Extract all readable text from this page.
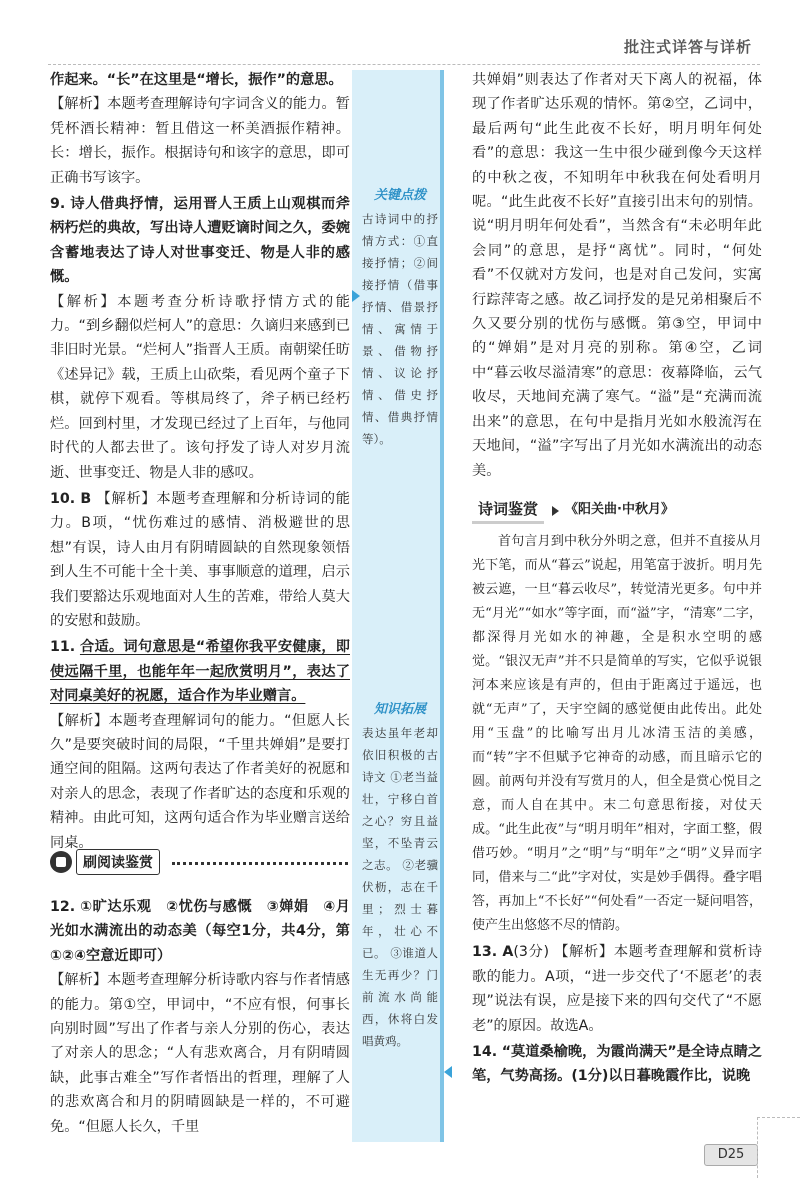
批注式详答与详析
关键点拨
古诗词中的抒情方式：①直接抒情；②间接抒情（借事抒情、借景抒情、寓情于景、借物抒情、议论抒情、借史抒情、借典抒情等）。
知识拓展
表达虽年老却依旧积极的古诗文 ①老当益壮，宁移白首之心？穷且益坚，不坠青云之志。 ②老骥伏枥，志在千里；烈士暮年，壮心不已。 ③谁道人生无再少？门前流水尚能西，休将白发唱黄鸡。

作起来。“长”在这里是“增长，振作”的意思。

【解析】本题考查理解诗句字词含义的能力。暂凭杯酒长精神：暂且借这一杯美酒振作精神。长：增长，振作。根据诗句和该字的意思，即可正确书写该字。

9. 诗人借典抒情，运用晋人王质上山观棋而斧柄朽烂的典故，写出诗人遭贬谪时间之久，委婉含蓄地表达了诗人对世事变迁、物是人非的感慨。

【解析】本题考查分析诗歌抒情方式的能力。“到乡翻似烂柯人”的意思：久谪归来感到已非旧时光景。“烂柯人”指晋人王质。南朝梁任昉《述异记》载，王质上山砍柴，看见两个童子下棋，就停下观看。等棋局终了，斧子柄已经朽烂。回到村里，才发现已经过了上百年，与他同时代的人都去世了。该句抒发了诗人对岁月流逝、世事变迁、物是人非的感叹。

10. B 【解析】本题考查理解和分析诗词的能力。B项，“忧伤难过的感情、消极避世的思想”有误，诗人由月有阴晴圆缺的自然现象领悟到人生不可能十全十美、事事顺意的道理，启示我们要豁达乐观地面对人生的苦难，带给人莫大的安慰和鼓励。

11. 合适。词句意思是“希望你我平安健康，即使远隔千里，也能年年一起欣赏明月”，表达了对同桌美好的祝愿，适合作为毕业赠言。

【解析】本题考查理解词句的能力。“但愿人长久”是要突破时间的局限，“千里共婵娟”是要打通空间的阻隔。这两句表达了作者美好的祝愿和对亲人的思念，表现了作者旷达的态度和乐观的精神。由此可知，这两句适合作为毕业赠言送给同桌。

12. ①旷达乐观　②忧伤与感慨　③婵娟　④月光如水满流出的动态美（每空1分，共4分，第①②④空意近即可）

【解析】本题考查理解分析诗歌内容与作者情感的能力。第①空，甲词中，“不应有恨，何事长向别时圆”写出了作者与亲人分别的伤心，表达了对亲人的思念；“人有悲欢离合，月有阴晴圆缺，此事古难全”写作者悟出的哲理，理解了人的悲欢离合和月的阴晴圆缺是一样的，不可避免。“但愿人长久，千里

刷阅读鉴赏

共婵娟”则表达了作者对天下离人的祝福，体现了作者旷达乐观的情怀。第②空，乙词中，最后两句“此生此夜不长好，明月明年何处看”的意思：我这一生中很少碰到像今天这样的中秋之夜，不知明年中秋我在何处看明月呢。“此生此夜不长好”直接引出末句的别情。说“明月明年何处看”，当然含有“未必明年此会同”的意思，是抒“离忧”。同时，“何处看”不仅就对方发问，也是对自己发问，实寓行踪萍寄之感。故乙词抒发的是兄弟相聚后不久又要分别的忧伤与感慨。第③空，甲词中的“婵娟”是对月亮的别称。第④空，乙词中“暮云收尽溢清寒”的意思：夜幕降临，云气收尽，天地间充满了寒气。“溢”是“充满而流出来”的意思，在句中是指月光如水般流泻在天地间，“溢”字写出了月光如水满流出的动态美。

诗词鉴赏	《阳关曲·中秋月》

首句言月到中秋分外明之意，但并不直接从月光下笔，而从“暮云”说起，用笔富于波折。明月先被云遮，一旦“暮云收尽”，转觉清光更多。句中并无“月光”“如水”等字面，而“溢”字，“清寒”二字，都深得月光如水的神趣，全是积水空明的感觉。“银汉无声”并不只是简单的写实，它似乎说银河本来应该是有声的，但由于距离过于遥远，也就“无声”了，天宇空阔的感觉便由此传出。此处用“玉盘”的比喻写出月儿冰清玉洁的美感，而“转”字不但赋予它神奇的动感，而且暗示它的圆。前两句并没有写赏月的人，但全是赏心悦目之意，而人自在其中。末二句意思衔接，对仗天成。“此生此夜”与“明月明年”相对，字面工整，假借巧妙。“明月”之“明”与“明年”之“明”义异而字同，借来与二“此”字对仗，实是妙手偶得。叠字唱答，再加上“不长好”“何处看”一否定一疑问唱答，使产生出悠悠不尽的情韵。

13. A(3分) 【解析】本题考查理解和赏析诗歌的能力。A项，“进一步交代了‘不愿老’的表现”说法有误，应是接下来的四句交代了“不愿老”的原因。故选A。

14. “莫道桑榆晚，为霞尚满天”是全诗点睛之笔，气势高扬。(1分)以日暮晚霞作比，说晚

D25
